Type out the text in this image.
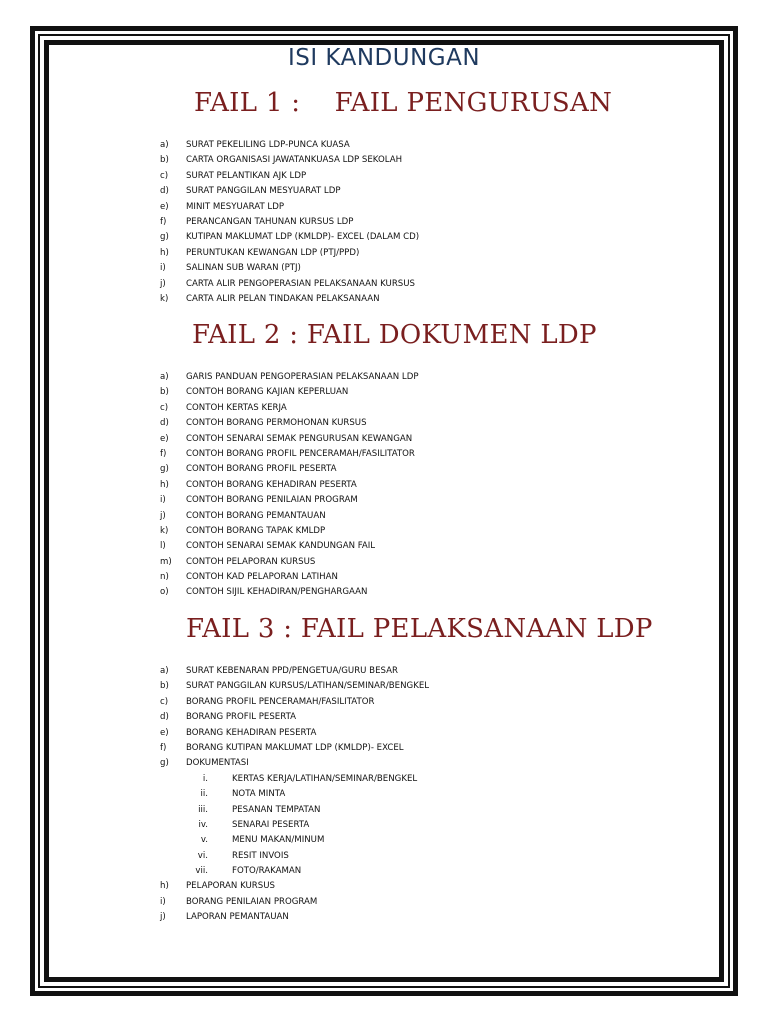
ISI KANDUNGAN
FAIL 1 :    FAIL PENGURUSAN
a)	SURAT PEKELILING LDP-PUNCA KUASA
b)	CARTA ORGANISASI JAWATANKUASA LDP SEKOLAH
c)	SURAT PELANTIKAN AJK LDP
d)	SURAT PANGGILAN MESYUARAT LDP
e)	MINIT MESYUARAT LDP
f)	PERANCANGAN TAHUNAN KURSUS LDP
g)	KUTIPAN MAKLUMAT LDP (KMLDP)- EXCEL (DALAM CD)
h)	PERUNTUKAN KEWANGAN LDP (PTJ/PPD)
i)	SALINAN SUB WARAN (PTJ)
j)	CARTA ALIR PENGOPERASIAN PELAKSANAAN KURSUS
k)	CARTA ALIR PELAN TINDAKAN PELAKSANAAN
FAIL 2 : FAIL DOKUMEN LDP
a)	GARIS PANDUAN PENGOPERASIAN PELAKSANAAN LDP
b)	CONTOH BORANG KAJIAN KEPERLUAN
c)	CONTOH KERTAS KERJA
d)	CONTOH BORANG PERMOHONAN KURSUS
e)	CONTOH SENARAI SEMAK PENGURUSAN KEWANGAN
f)	CONTOH BORANG PROFIL PENCERAMAH/FASILITATOR
g)	CONTOH BORANG PROFIL PESERTA
h)	CONTOH BORANG KEHADIRAN PESERTA
i)	CONTOH BORANG PENILAIAN PROGRAM
j)	CONTOH BORANG PEMANTAUAN
k)	CONTOH BORANG TAPAK KMLDP
l)	CONTOH SENARAI SEMAK KANDUNGAN FAIL
m)	CONTOH PELAPORAN KURSUS
n)	CONTOH KAD PELAPORAN LATIHAN
o)	CONTOH SIJIL KEHADIRAN/PENGHARGAAN
FAIL 3 : FAIL PELAKSANAAN LDP
a)	SURAT KEBENARAN PPD/PENGETUA/GURU BESAR
b)	SURAT PANGGILAN KURSUS/LATIHAN/SEMINAR/BENGKEL
c)	BORANG PROFIL PENCERAMAH/FASILITATOR
d)	BORANG PROFIL PESERTA
e)	BORANG KEHADIRAN PESERTA
f)	BORANG KUTIPAN MAKLUMAT LDP (KMLDP)- EXCEL
g)	DOKUMENTASI
i.	KERTAS KERJA/LATIHAN/SEMINAR/BENGKEL
ii.	NOTA MINTA
iii.	PESANAN TEMPATAN
iv.	SENARAI PESERTA
v.	MENU MAKAN/MINUM
vi.	RESIT INVOIS
vii.	FOTO/RAKAMAN
h)	PELAPORAN KURSUS
i)	BORANG PENILAIAN PROGRAM
j)	LAPORAN PEMANTAUAN
